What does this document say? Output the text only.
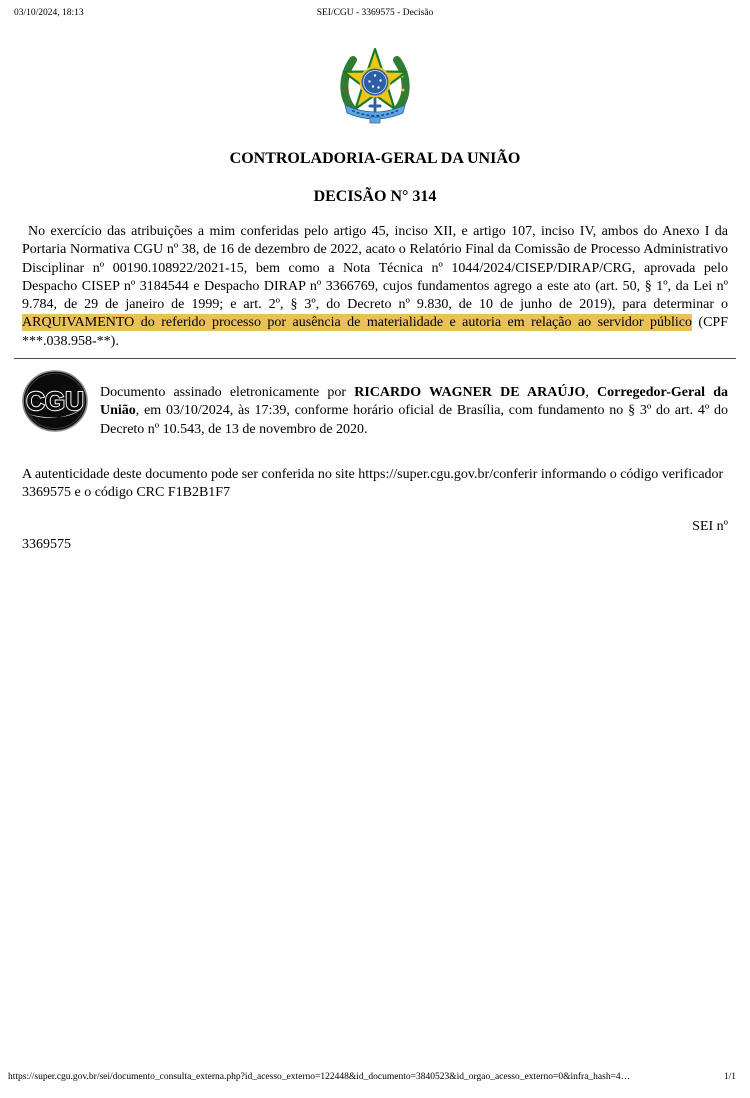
03/10/2024, 18:13	SEI/CGU - 3369575 - Decisão
CONTROLADORIA-GERAL DA UNIÃO
DECISÃO N° 314

No exercício das atribuições a mim conferidas pelo artigo 45, inciso XII, e artigo 107, inciso IV, ambos do Anexo I da Portaria Normativa CGU nº 38, de 16 de dezembro de 2022, acato o Relatório Final da Comissão de Processo Administrativo Disciplinar nº 00190.108922/2021-15, bem como a Nota Técnica nº 1044/2024/CISEP/DIRAP/CRG, aprovada pelo Despacho CISEP nº 3184544 e Despacho DIRAP nº 3366769, cujos fundamentos agrego a este ato (art. 50, § 1º, da Lei nº 9.784, de 29 de janeiro de 1999; e art. 2º, § 3º, do Decreto nº 9.830, de 10 de junho de 2019), para determinar o ARQUIVAMENTO do referido processo por ausência de materialidade e autoria em relação ao servidor público (CPF ***.038.958-**).

CGU Documento assinado eletronicamente por RICARDO WAGNER DE ARAÚJO, Corregedor-Geral da União, em 03/10/2024, às 17:39, conforme horário oficial de Brasília, com fundamento no § 3º do art. 4º do Decreto nº 10.543, de 13 de novembro de 2020.

A autenticidade deste documento pode ser conferida no site https://super.cgu.gov.br/conferir informando o código verificador 3369575 e o código CRC F1B2B1F7

SEI nº
3369575
https://super.cgu.gov.br/sei/documento_consulta_externa.php?id_acesso_externo=122448&id_documento=3840523&id_orgao_acesso_externo=0&infra_hash=4…	1/1
